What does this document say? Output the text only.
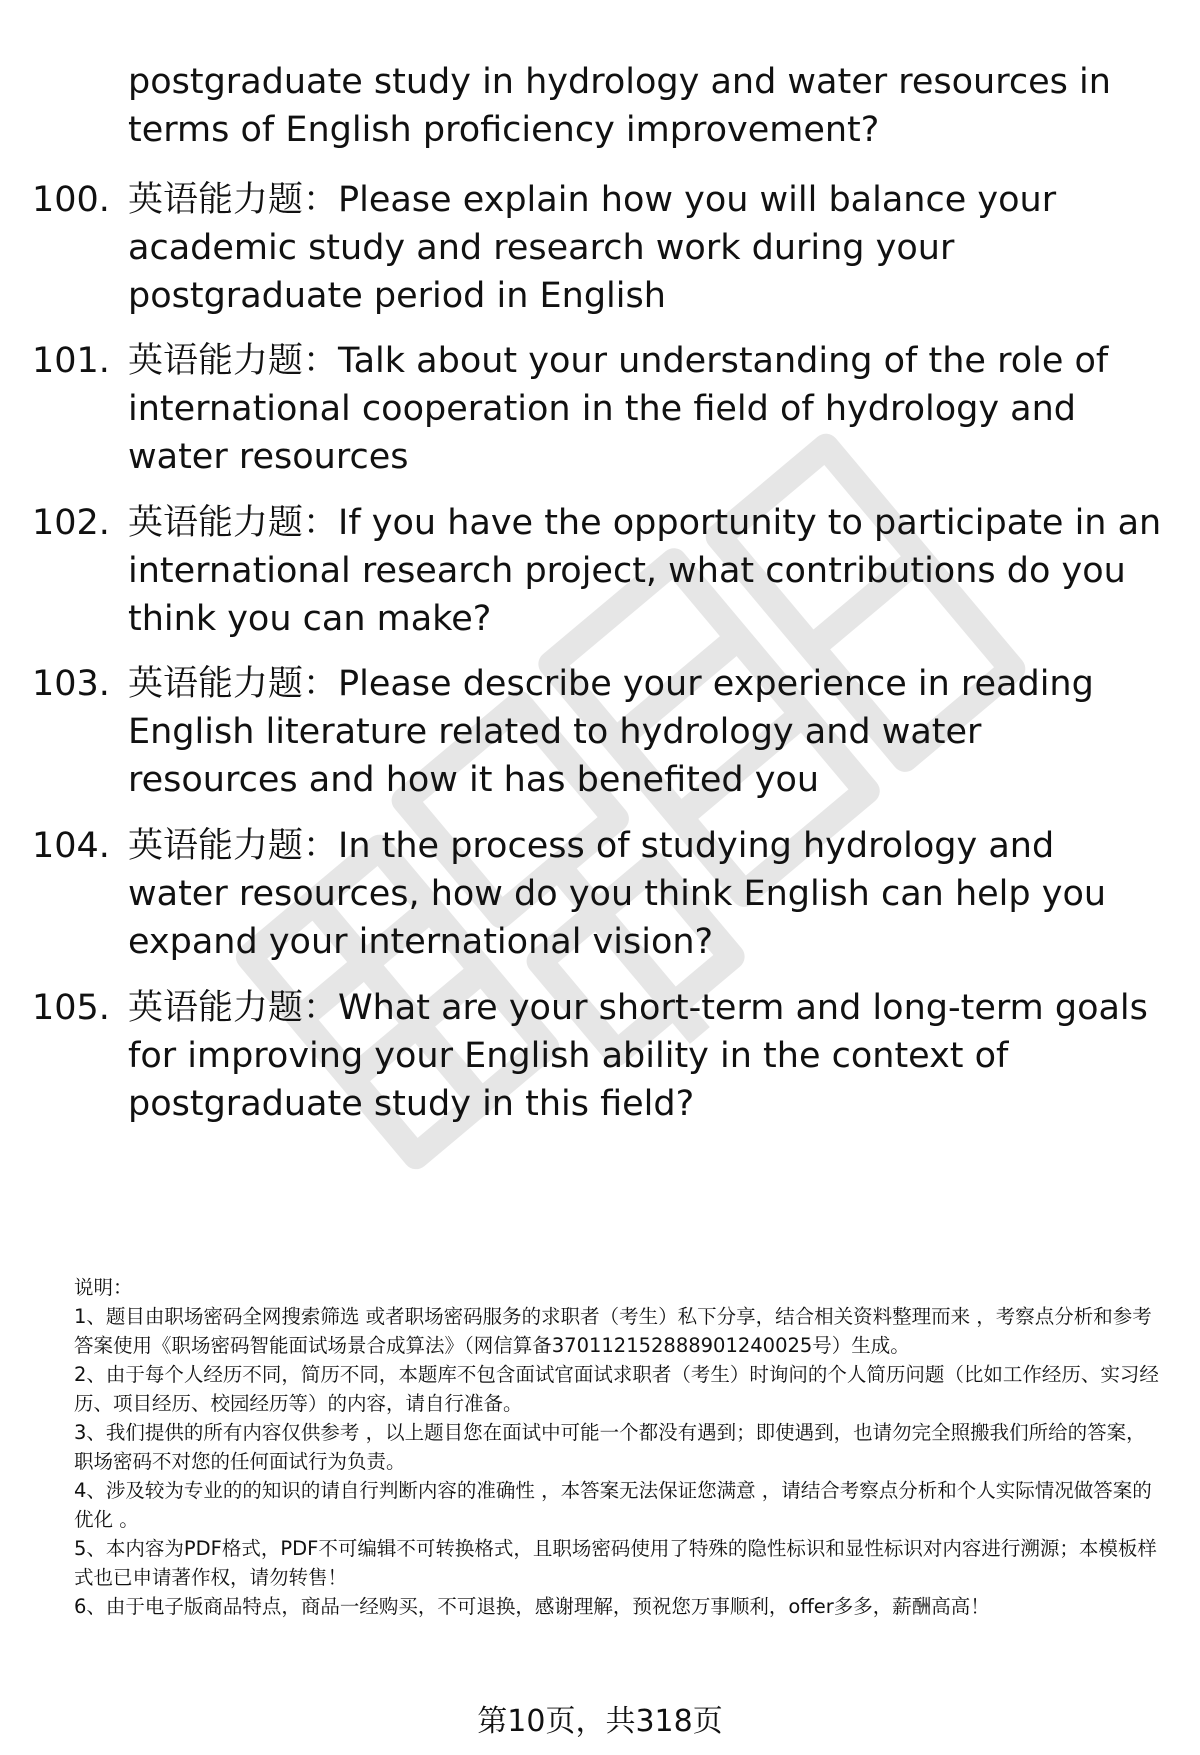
postgraduate study in hydrology and water resources in terms of English proficiency improvement?
100. 英语能力题：Please explain how you will balance your academic study and research work during your postgraduate period in English
101. 英语能力题：Talk about your understanding of the role of international cooperation in the field of hydrology and water resources
102. 英语能力题：If you have the opportunity to participate in an international research project, what contributions do you think you can make?
103. 英语能力题：Please describe your experience in reading English literature related to hydrology and water resources and how it has benefited you
104. 英语能力题：In the process of studying hydrology and water resources, how do you think English can help you expand your international vision?
105. 英语能力题：What are your short-term and long-term goals for improving your English ability in the context of postgraduate study in this field?

说明：

1、题目由职场密码全网搜索筛选 或者职场密码服务的求职者（考生）私下分享，结合相关资料整理而来 ，考察点分析和参考答案使用《职场密码智能面试场景合成算法》（网信算备370112152888901240025号）生成。

2、由于每个人经历不同，简历不同，本题库不包含面试官面试求职者（考生）时询问的个人简历问题（比如工作经历、实习经历、项目经历、校园经历等）的内容，请自行准备。

3、我们提供的所有内容仅供参考 ，以上题目您在面试中可能一个都没有遇到；即使遇到，也请勿完全照搬我们所给的答案，职场密码不对您的任何面试行为负责。

4、涉及较为专业的的知识的请自行判断内容的准确性 ，本答案无法保证您满意 ，请结合考察点分析和个人实际情况做答案的优化 。

5、本内容为PDF格式，PDF不可编辑不可转换格式，且职场密码使用了特殊的隐性标识和显性标识对内容进行溯源；本模板样式也已申请著作权，请勿转售！

6、由于电子版商品特点，商品一经购买，不可退换，感谢理解，预祝您万事顺利，offer多多，薪酬高高！

第10页，共318页
